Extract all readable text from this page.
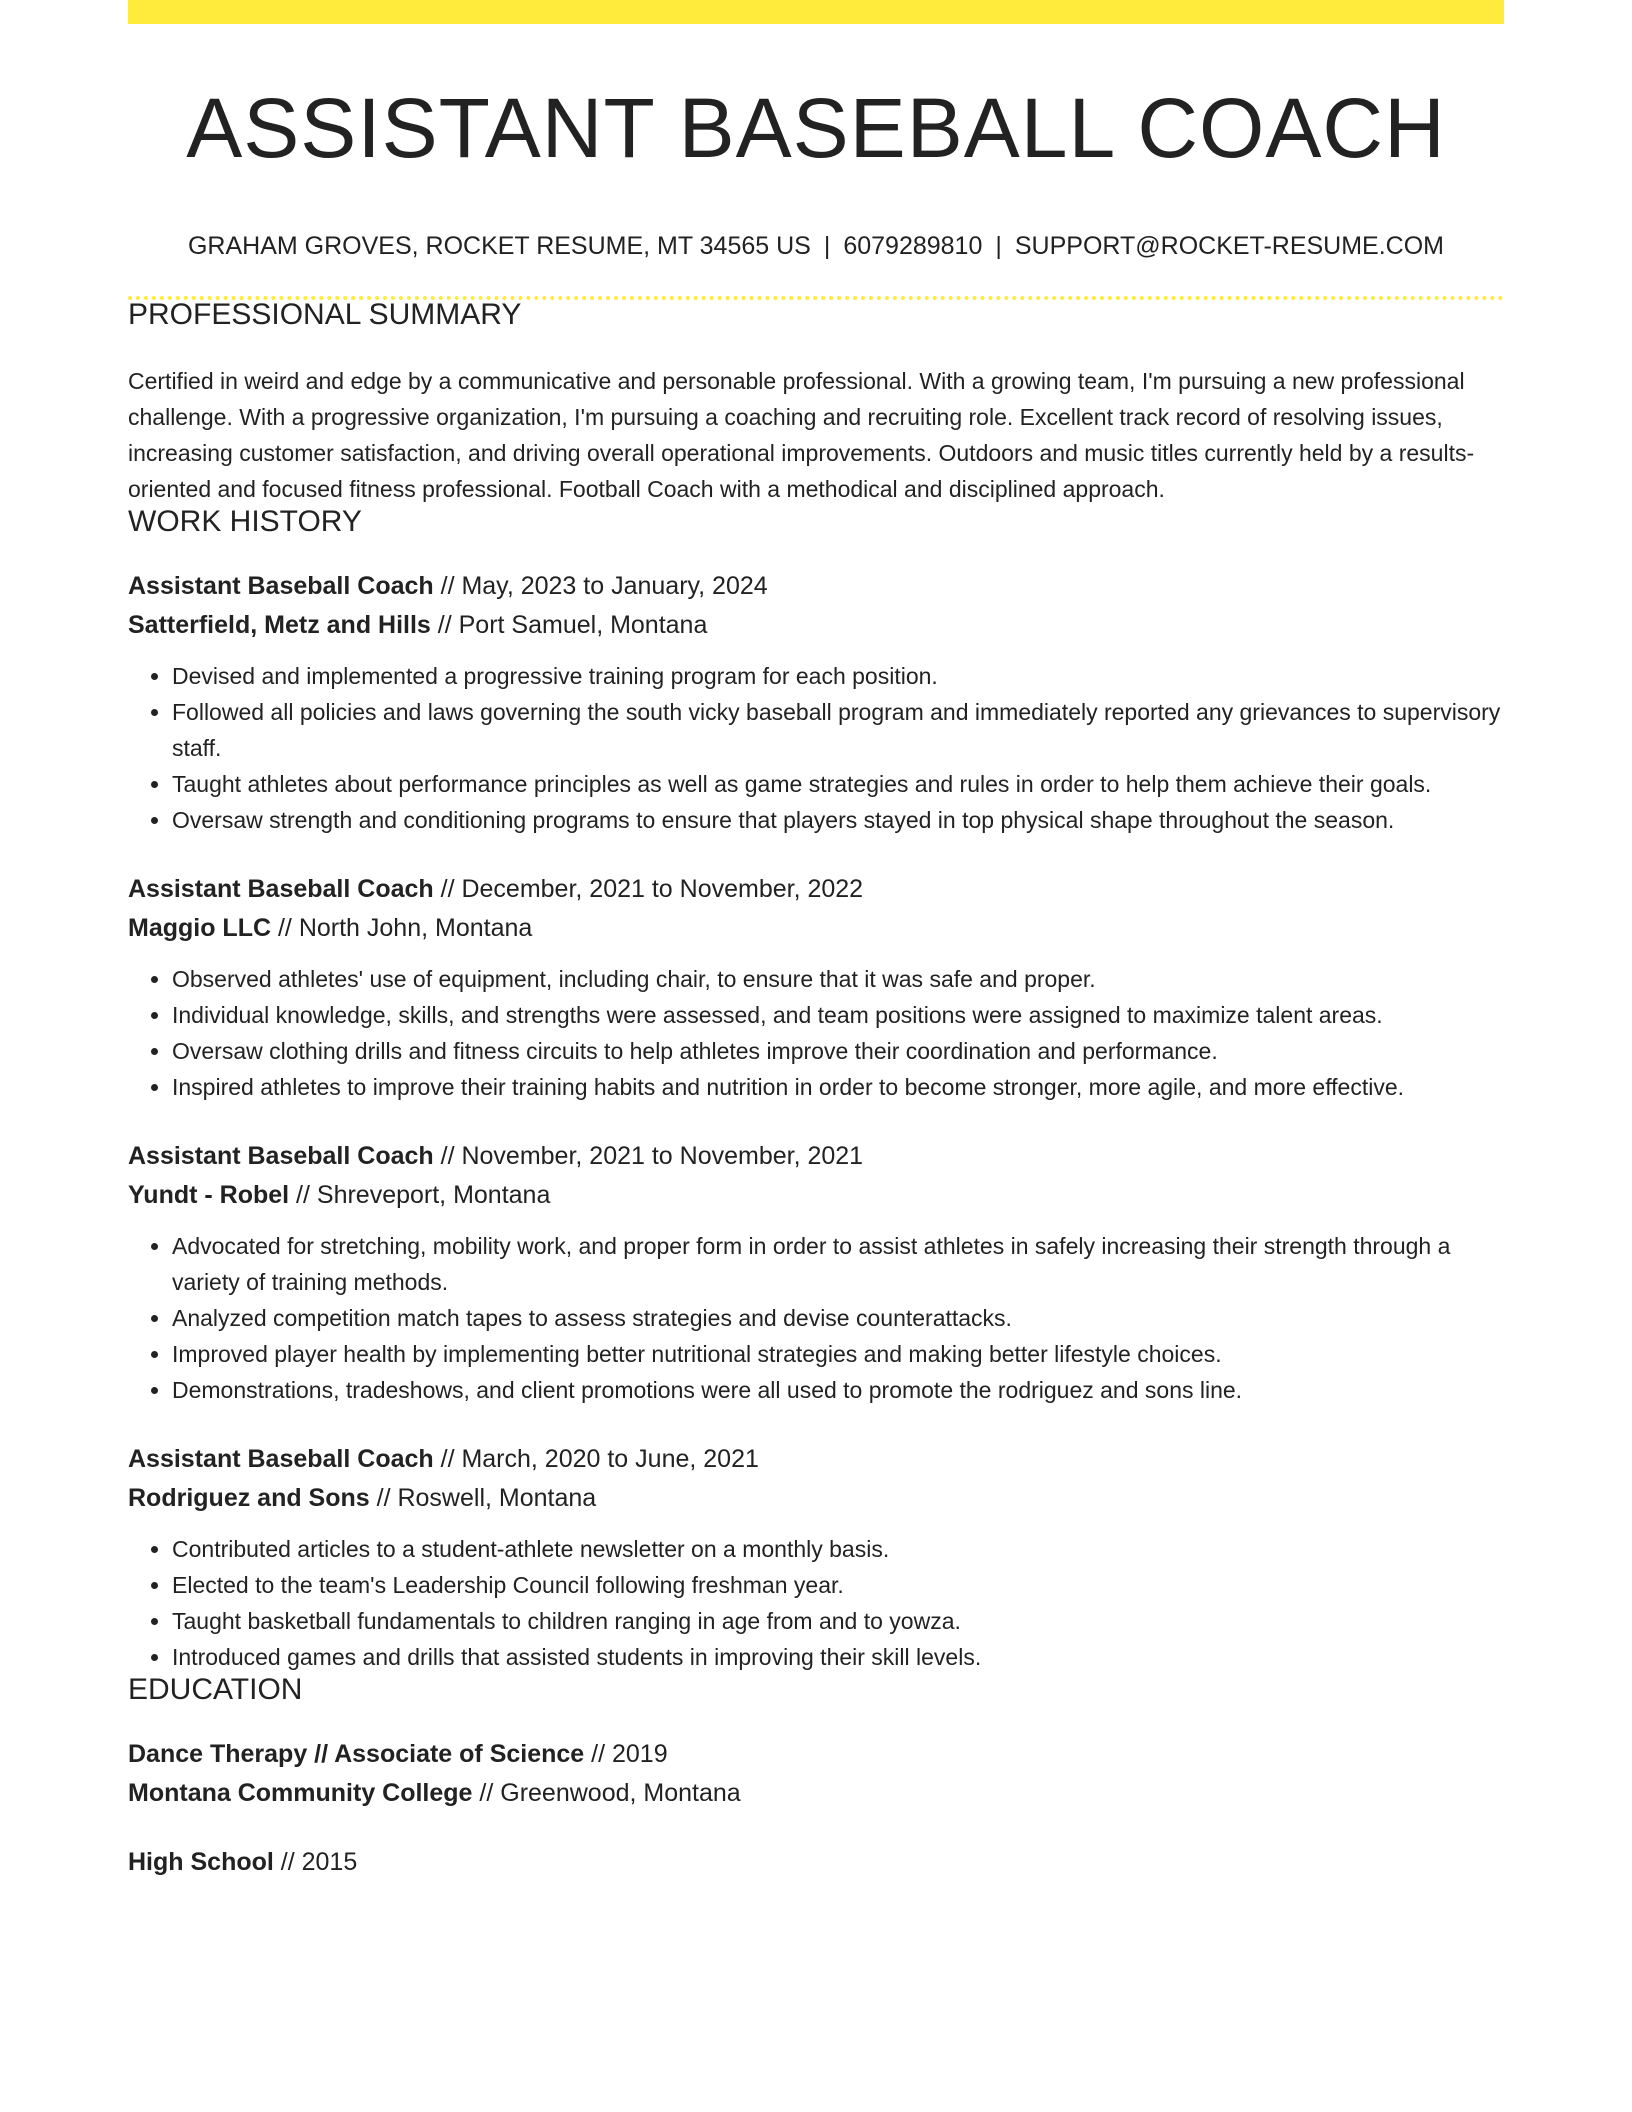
ASSISTANT BASEBALL COACH
GRAHAM GROVES, ROCKET RESUME, MT 34565 US | 6079289810 | SUPPORT@ROCKET-RESUME.COM
PROFESSIONAL SUMMARY
Certified in weird and edge by a communicative and personable professional. With a growing team, I'm pursuing a new professional challenge. With a progressive organization, I'm pursuing a coaching and recruiting role. Excellent track record of resolving issues, increasing customer satisfaction, and driving overall operational improvements. Outdoors and music titles currently held by a results-oriented and focused fitness professional. Football Coach with a methodical and disciplined approach.
WORK HISTORY
Assistant Baseball Coach // May, 2023 to January, 2024
Satterfield, Metz and Hills // Port Samuel, Montana
• Devised and implemented a progressive training program for each position.
• Followed all policies and laws governing the south vicky baseball program and immediately reported any grievances to supervisory staff.
• Taught athletes about performance principles as well as game strategies and rules in order to help them achieve their goals.
• Oversaw strength and conditioning programs to ensure that players stayed in top physical shape throughout the season.
Assistant Baseball Coach // December, 2021 to November, 2022
Maggio LLC // North John, Montana
• Observed athletes' use of equipment, including chair, to ensure that it was safe and proper.
• Individual knowledge, skills, and strengths were assessed, and team positions were assigned to maximize talent areas.
• Oversaw clothing drills and fitness circuits to help athletes improve their coordination and performance.
• Inspired athletes to improve their training habits and nutrition in order to become stronger, more agile, and more effective.
Assistant Baseball Coach // November, 2021 to November, 2021
Yundt - Robel // Shreveport, Montana
• Advocated for stretching, mobility work, and proper form in order to assist athletes in safely increasing their strength through a variety of training methods.
• Analyzed competition match tapes to assess strategies and devise counterattacks.
• Improved player health by implementing better nutritional strategies and making better lifestyle choices.
• Demonstrations, tradeshows, and client promotions were all used to promote the rodriguez and sons line.
Assistant Baseball Coach // March, 2020 to June, 2021
Rodriguez and Sons // Roswell, Montana
• Contributed articles to a student-athlete newsletter on a monthly basis.
• Elected to the team's Leadership Council following freshman year.
• Taught basketball fundamentals to children ranging in age from and to yowza.
• Introduced games and drills that assisted students in improving their skill levels.
EDUCATION
Dance Therapy // Associate of Science // 2019
Montana Community College // Greenwood, Montana
High School // 2015
